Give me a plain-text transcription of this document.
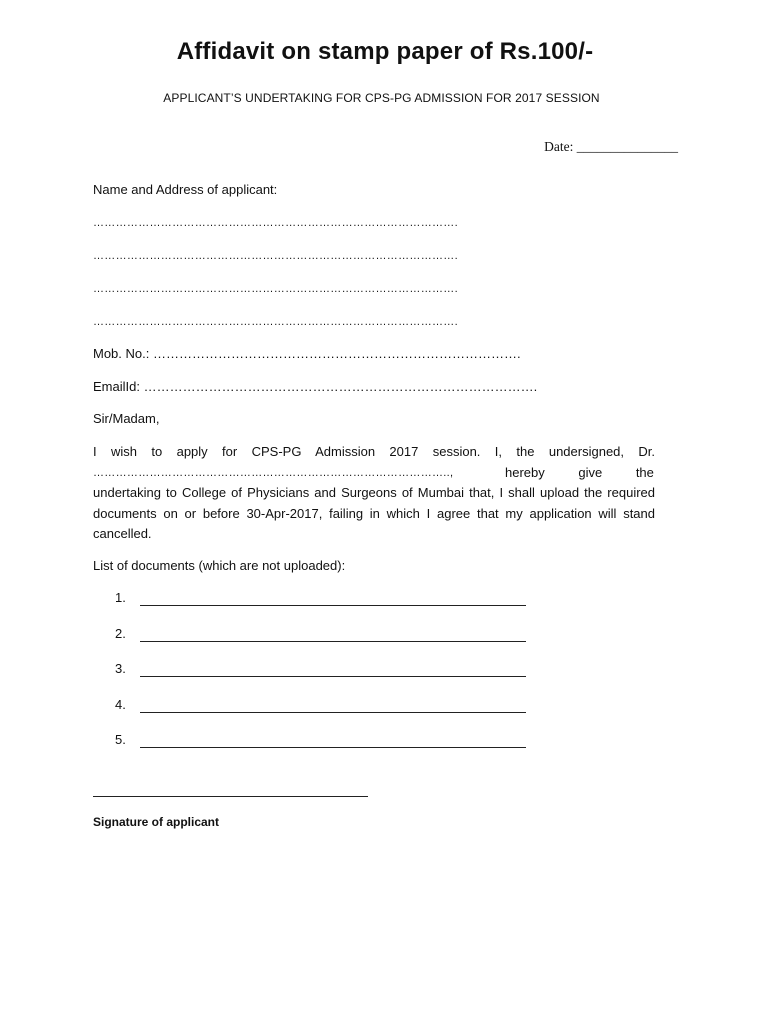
Affidavit on stamp paper of Rs.100/-
APPLICANT’S UNDERTAKING FOR CPS-PG ADMISSION FOR 2017 SESSION
Date: _______________
Name and Address of applicant:
…………………………………………………………………………………….
…………………………………………………………………………………….
…………………………………………………………………………………….
…………………………………………………………………………………….
Mob. No.: ………………………………………………………………………….
EmailId: ……………………………………………………………………………….
Sir/Madam,
I wish to apply for CPS-PG Admission 2017 session. I, the undersigned, Dr.
…………………………………………………………………………………..,	hereby give the
undertaking to College of Physicians and Surgeons of Mumbai that, I shall upload the required documents on or before 30-Apr-2017, failing in which I agree that my application will stand cancelled.
List of documents (which are not uploaded):
1.
2.
3.
4.
5.
Signature of applicant
